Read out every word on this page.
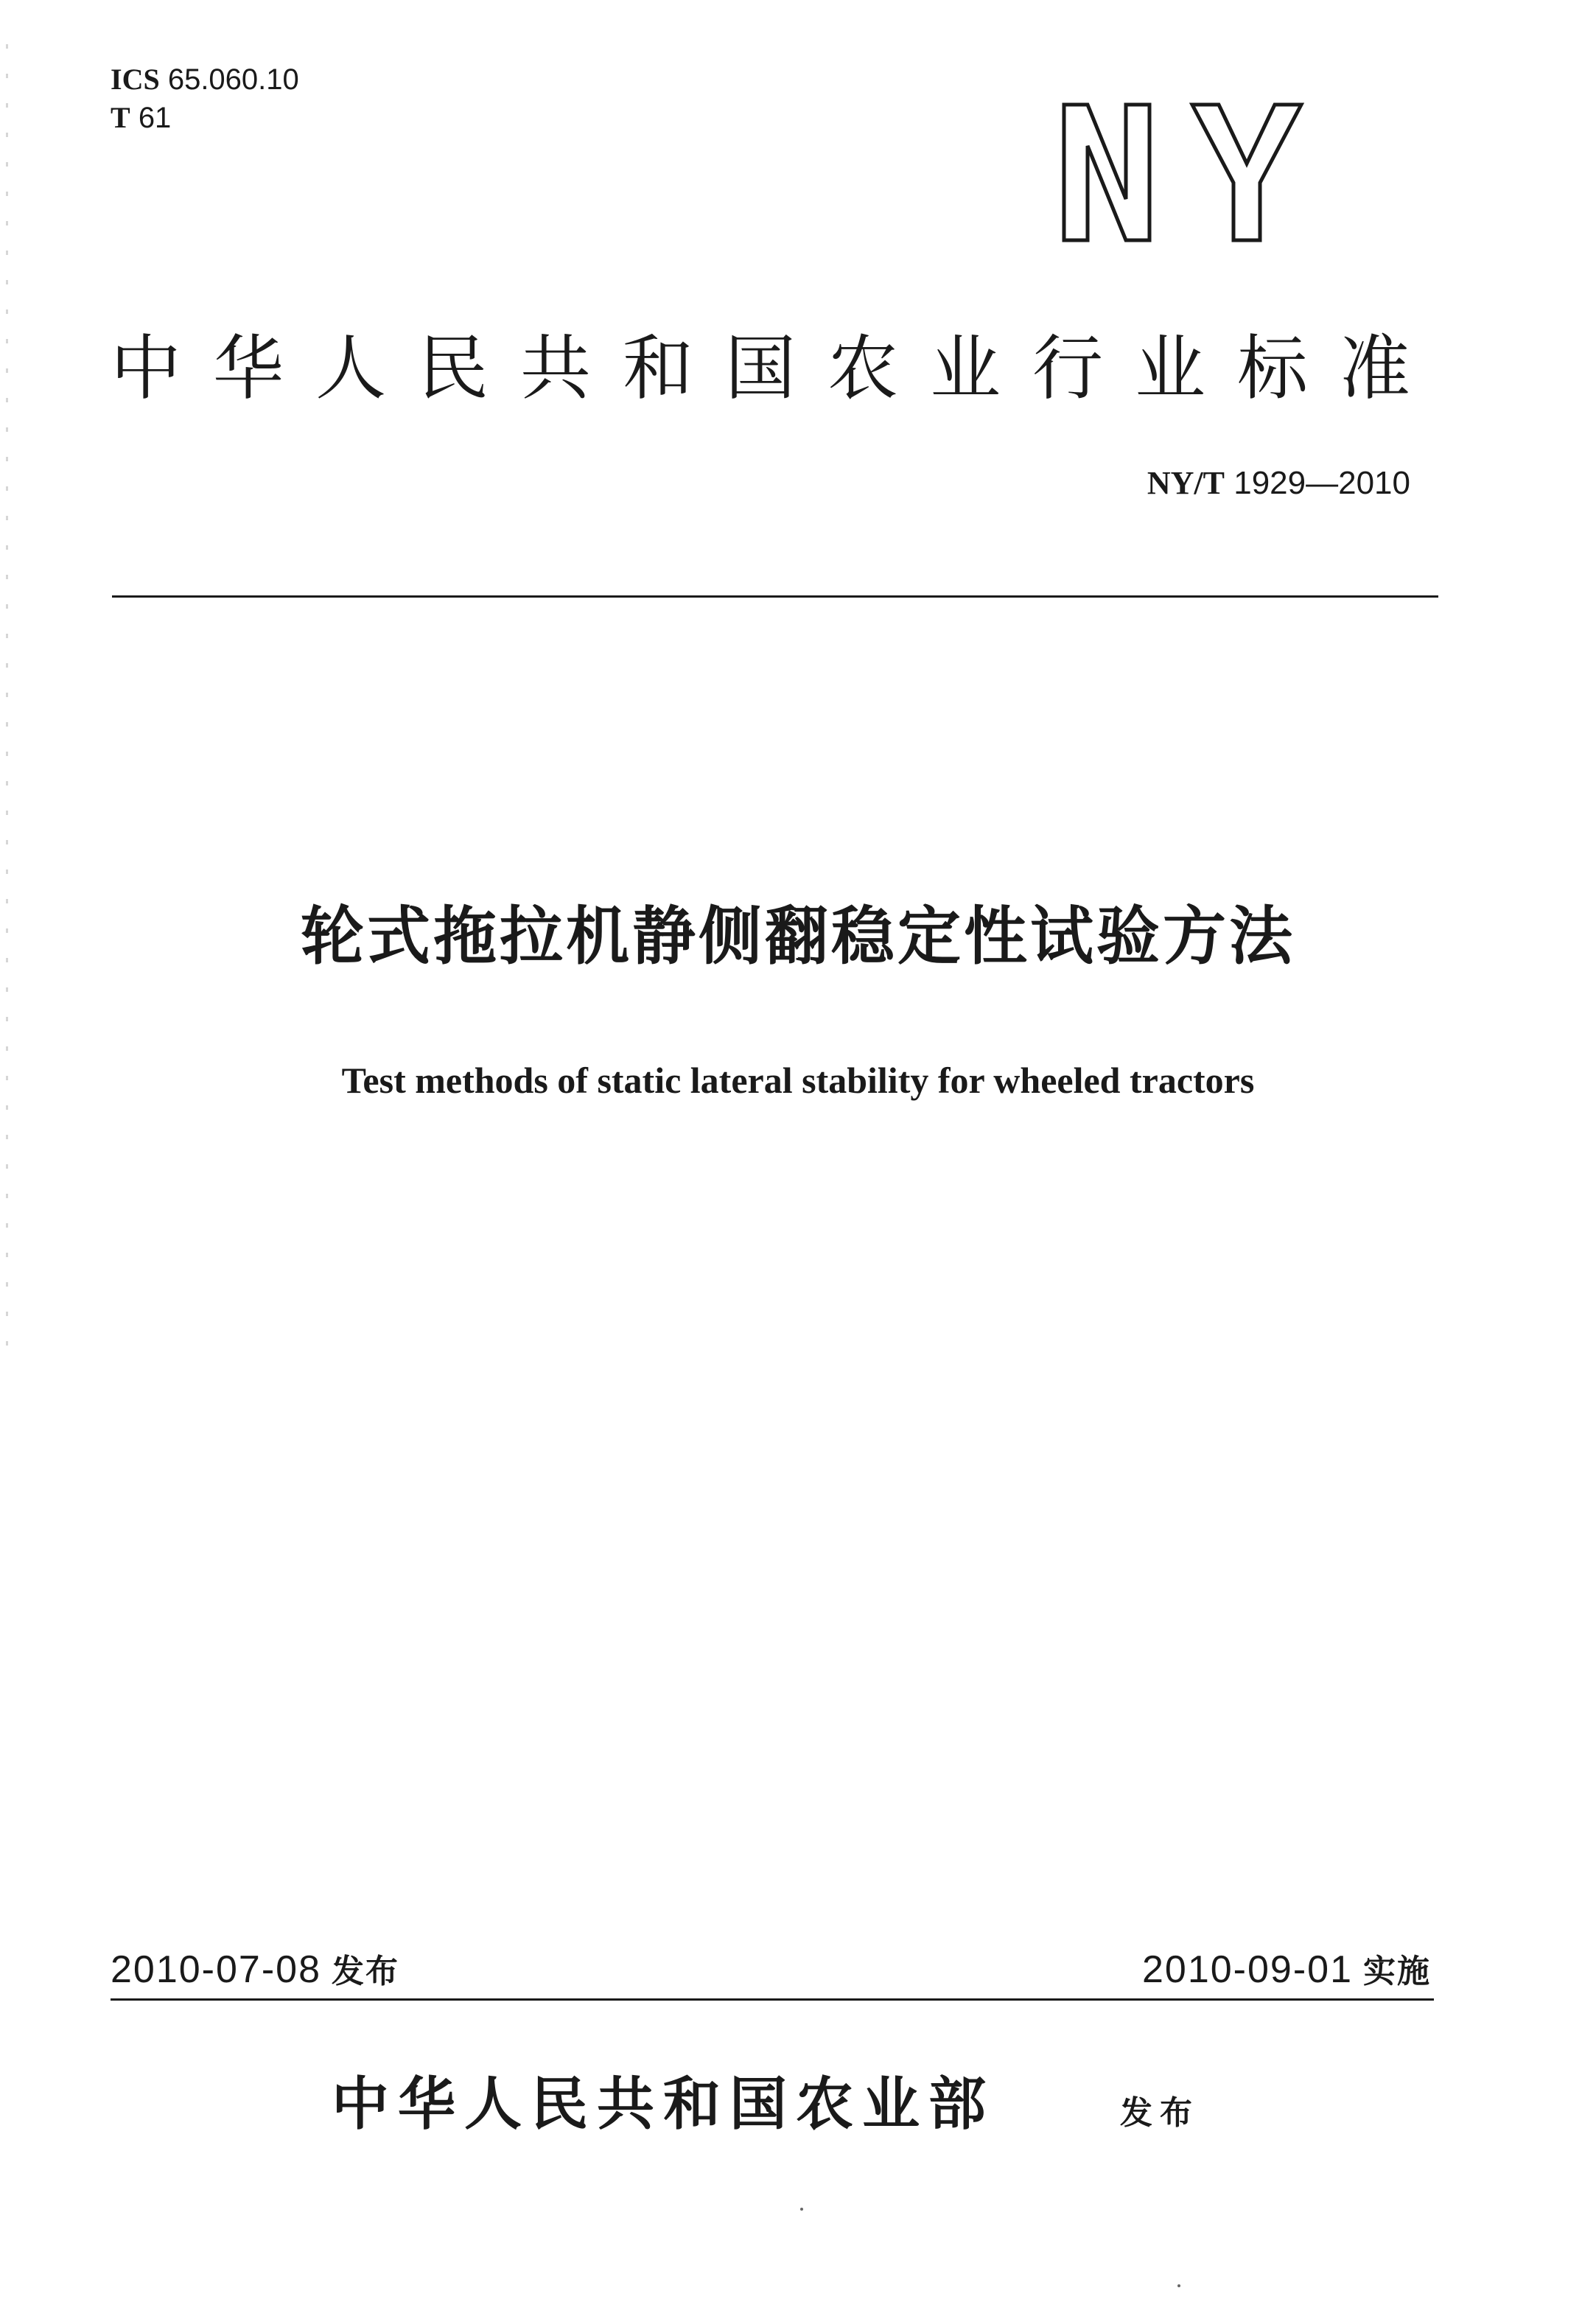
ICS 65.060.10
T 61
中华人民共和国农业行业标准
NY/T 1929—2010
轮式拖拉机静侧翻稳定性试验方法
Test methods of static lateral stability for wheeled tractors
2010-07-08 发布	2010-09-01 实施
中华人民共和国农业部	发布
